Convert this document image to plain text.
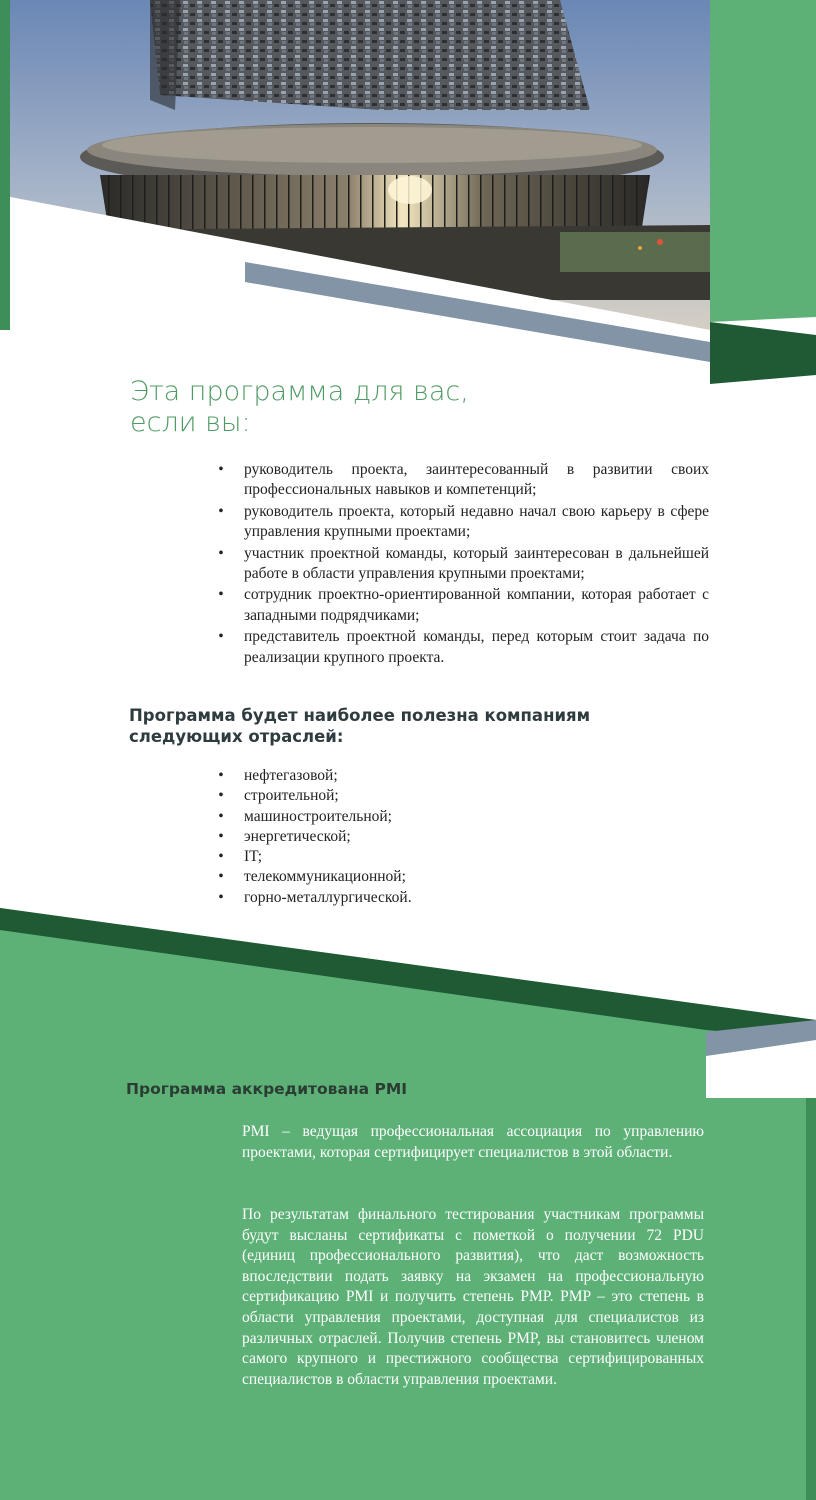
Эта программа для вас,
если вы:
• руководитель проекта, заинтересованный в развитии своих профессиональных навыков и компетенций;
• руководитель проекта, который недавно начал свою карьеру в сфере управления крупными проектами;
• участник проектной команды, который заинтересован в дальнейшей работе в области управления крупными проектами;
• сотрудник проектно-ориентированной компании, которая работает с западными подрядчиками;
• представитель проектной команды, перед которым стоит задача по реализации крупного проекта.
Программа будет наиболее полезна компаниям
следующих отраслей:
• нефтегазовой;
• строительной;
• машиностроительной;
• энергетической;
• IT;
• телекоммуникационной;
• горно-металлургической.
Программа аккредитована PMI

PMI – ведущая профессиональная ассоциация по управлению проектами, которая сертифицирует специалистов в этой области.

По результатам финального тестирования участникам программы будут высланы сертификаты с пометкой о получении 72 PDU (единиц профессионального развития), что даст возможность впоследствии подать заявку на экзамен на профессиональную сертификацию PMI и получить степень PMP. PMP – это степень в области управления проектами, доступная для специалистов из различных отраслей. Получив степень PMP, вы становитесь членом самого крупного и престижного сообщества сертифицированных специалистов в области управления проектами.
